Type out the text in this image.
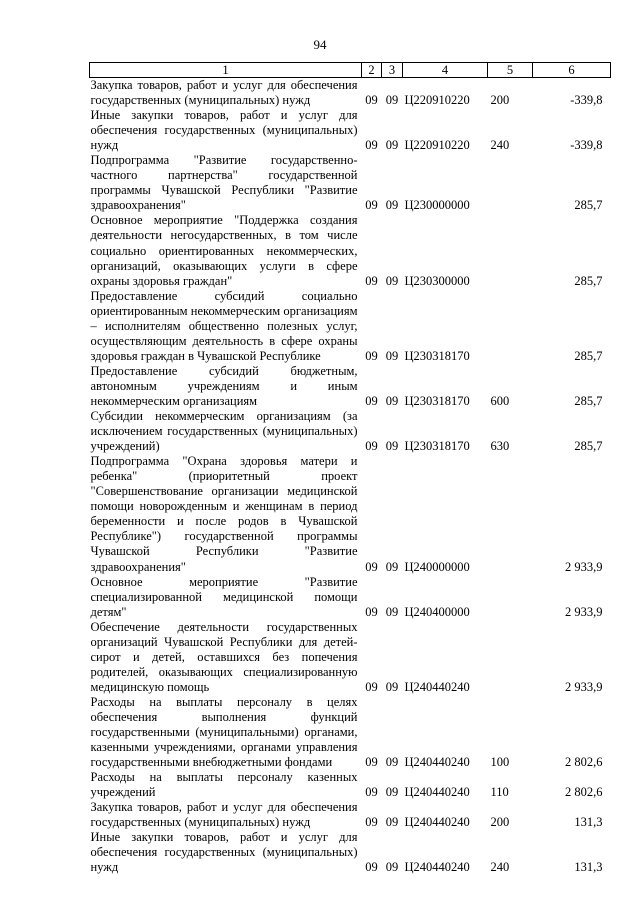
94
1	2	3	4	5	6
Закупка товаров, работ и услуг для обеспечения государственных (муниципальных) нужд	09	09	Ц220910220	200	-339,8
Иные закупки товаров, работ и услуг для обеспечения государственных (муниципальных) нужд	09	09	Ц220910220	240	-339,8
Подпрограмма "Развитие государственно-частного партнерства" государственной программы Чувашской Республики "Развитие здравоохранения"	09	09	Ц230000000		285,7
Основное мероприятие "Поддержка создания деятельности негосударственных, в том числе социально ориентированных некоммерческих, организаций, оказывающих услуги в сфере охраны здоровья граждан"	09	09	Ц230300000		285,7
Предоставление субсидий социально ориентированным некоммерческим организациям – исполнителям общественно полезных услуг, осуществляющим деятельность в сфере охраны здоровья граждан в Чувашской Республике	09	09	Ц230318170		285,7
Предоставление субсидий бюджетным, автономным учреждениям и иным некоммерческим организациям	09	09	Ц230318170	600	285,7
Субсидии некоммерческим организациям (за исключением государственных (муниципальных) учреждений)	09	09	Ц230318170	630	285,7
Подпрограмма "Охрана здоровья матери и ребенка" (приоритетный проект "Совершенствование организации медицинской помощи новорожденным и женщинам в период беременности и после родов в Чувашской Республике") государственной программы Чувашской Республики "Развитие здравоохранения"	09	09	Ц240000000		2 933,9
Основное мероприятие "Развитие специализированной медицинской помощи детям"	09	09	Ц240400000		2 933,9
Обеспечение деятельности государственных организаций Чувашской Республики для детей-сирот и детей, оставшихся без попечения родителей, оказывающих специализированную медицинскую помощь	09	09	Ц240440240		2 933,9
Расходы на выплаты персоналу в целях обеспечения выполнения функций государственными (муниципальными) органами, казенными учреждениями, органами управления государственными внебюджетными фондами	09	09	Ц240440240	100	2 802,6
Расходы на выплаты персоналу казенных учреждений	09	09	Ц240440240	110	2 802,6
Закупка товаров, работ и услуг для обеспечения государственных (муниципальных) нужд	09	09	Ц240440240	200	131,3
Иные закупки товаров, работ и услуг для обеспечения государственных (муниципальных) нужд	09	09	Ц240440240	240	131,3
